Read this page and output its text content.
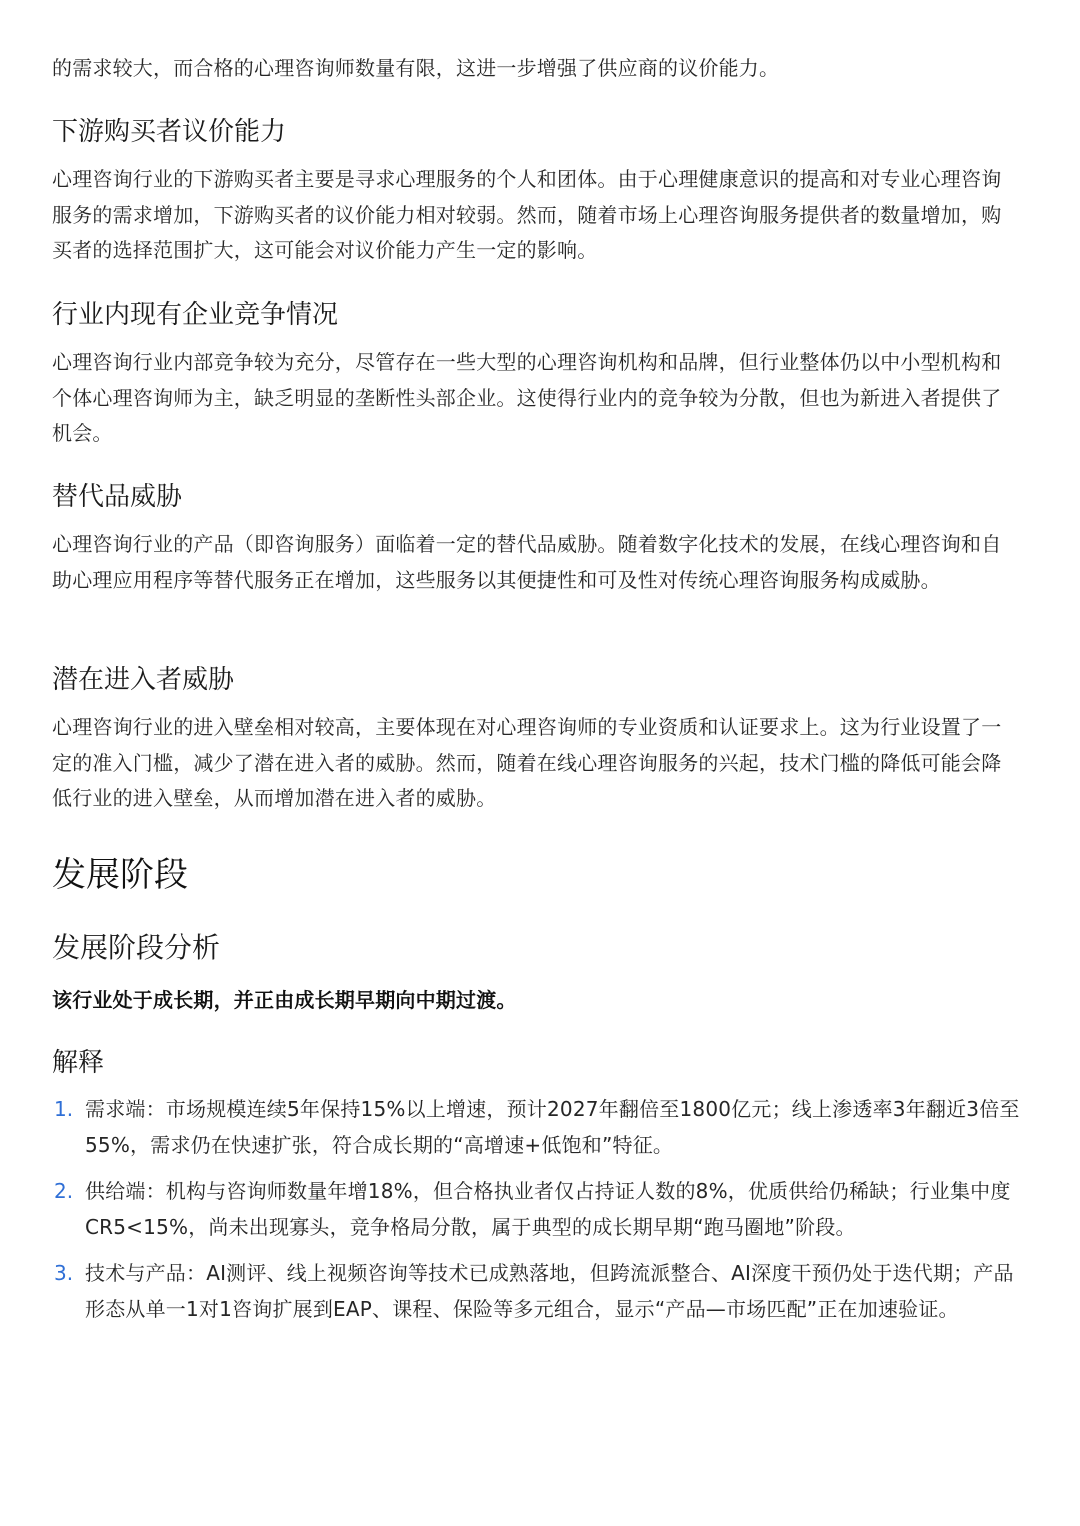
的需求较大，而合格的心理咨询师数量有限，这进一步增强了供应商的议价能力。

下游购买者议价能力

心理咨询行业的下游购买者主要是寻求心理服务的个人和团体。由于心理健康意识的提高和对专业心理咨询服务的需求增加，下游购买者的议价能力相对较弱。然而，随着市场上心理咨询服务提供者的数量增加，购买者的选择范围扩大，这可能会对议价能力产生一定的影响。

行业内现有企业竞争情况

心理咨询行业内部竞争较为充分，尽管存在一些大型的心理咨询机构和品牌，但行业整体仍以中小型机构和个体心理咨询师为主，缺乏明显的垄断性头部企业。这使得行业内的竞争较为分散，但也为新进入者提供了机会。

替代品威胁

心理咨询行业的产品（即咨询服务）面临着一定的替代品威胁。随着数字化技术的发展，在线心理咨询和自助心理应用程序等替代服务正在增加，这些服务以其便捷性和可及性对传统心理咨询服务构成威胁。

潜在进入者威胁

心理咨询行业的进入壁垒相对较高，主要体现在对心理咨询师的专业资质和认证要求上。这为行业设置了一定的准入门槛，减少了潜在进入者的威胁。然而，随着在线心理咨询服务的兴起，技术门槛的降低可能会降低行业的进入壁垒，从而增加潜在进入者的威胁。

发展阶段
发展阶段分析

该行业处于成长期，并正由成长期早期向中期过渡。

解释
1. 需求端：市场规模连续5年保持15%以上增速，预计2027年翻倍至1800亿元；线上渗透率3年翻近3倍至55%，需求仍在快速扩张，符合成长期的“高增速+低饱和”特征。
2. 供给端：机构与咨询师数量年增18%，但合格执业者仅占持证人数的8%，优质供给仍稀缺；行业集中度CR5<15%，尚未出现寡头，竞争格局分散，属于典型的成长期早期“跑马圈地”阶段。
3. 技术与产品：AI测评、线上视频咨询等技术已成熟落地，但跨流派整合、AI深度干预仍处于迭代期；产品形态从单一1对1咨询扩展到EAP、课程、保险等多元组合，显示“产品—市场匹配”正在加速验证。
